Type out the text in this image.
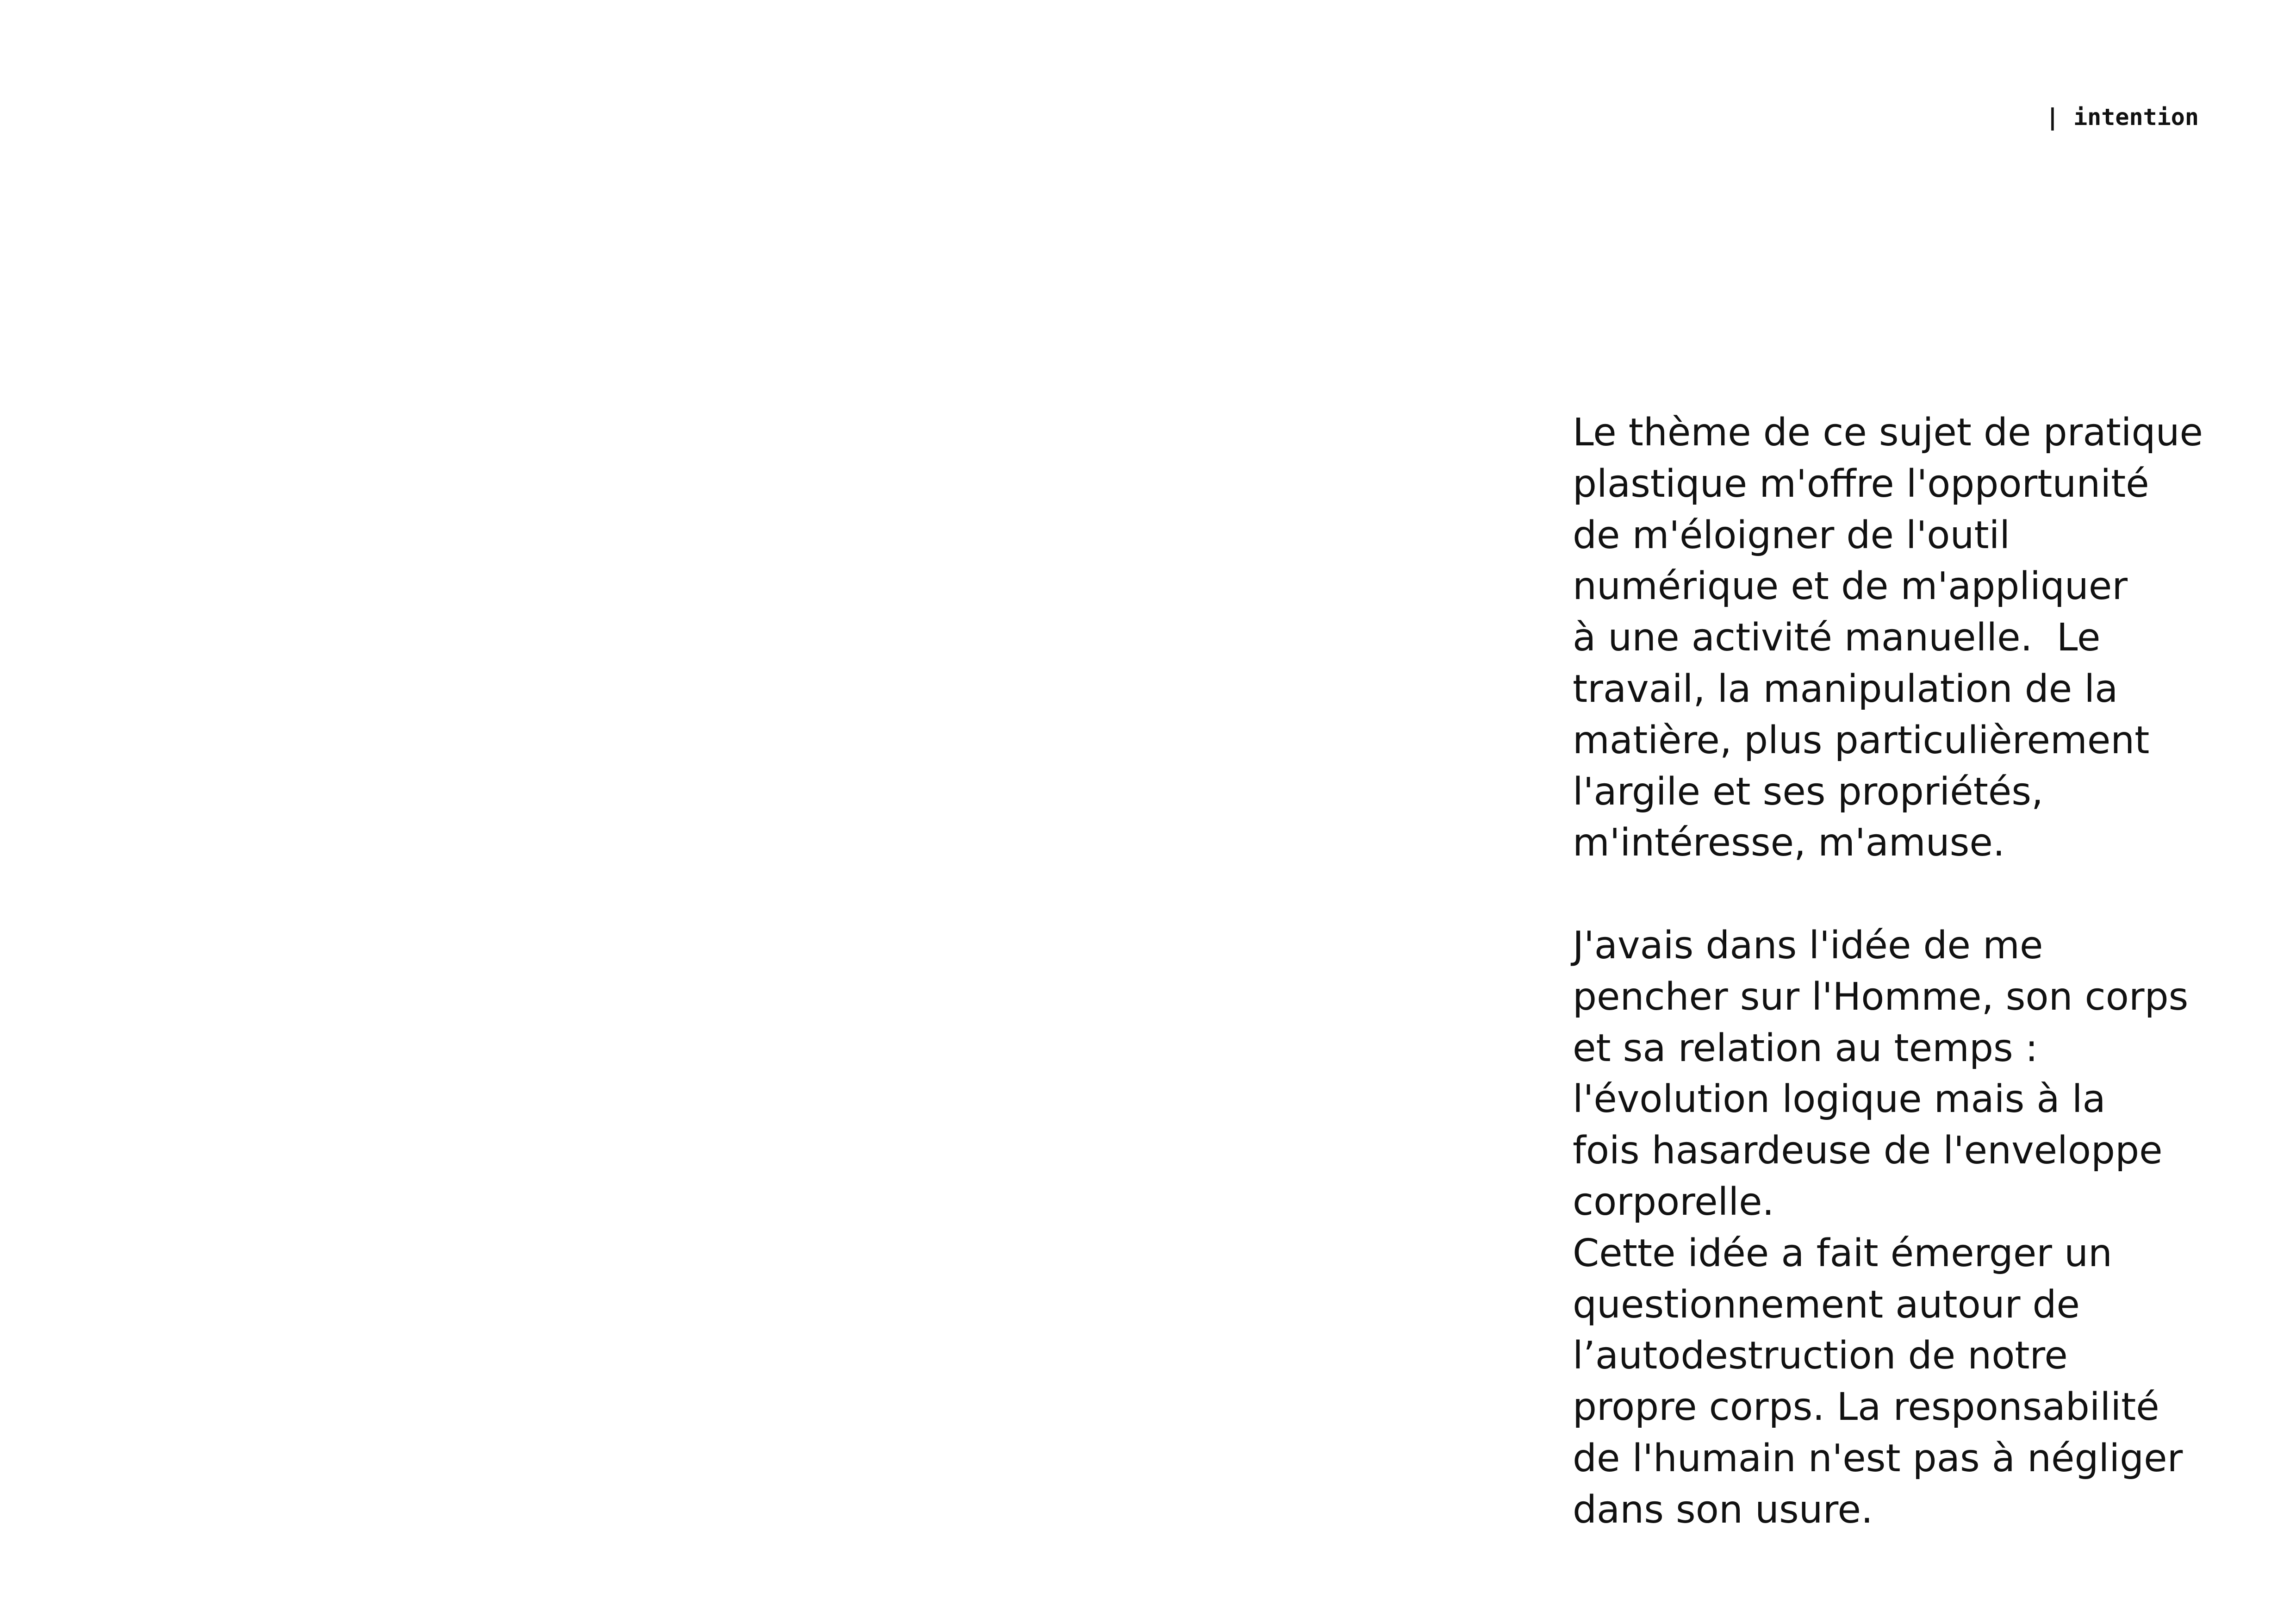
| intention

Le thème de ce sujet de pratique
plastique m'offre l'opportunité
de m'éloigner de l'outil
numérique et de m'appliquer
à une activité manuelle.  Le
travail, la manipulation de la
matière, plus particulièrement
l'argile et ses propriétés,
m'intéresse, m'amuse.

J'avais dans l'idée de me
pencher sur l'Homme, son corps
et sa relation au temps :
l'évolution logique mais à la
fois hasardeuse de l'enveloppe
corporelle.

Cette idée a fait émerger un
questionnement autour de
l’autodestruction de notre
propre corps. La responsabilité
de l'humain n'est pas à négliger
dans son usure.
